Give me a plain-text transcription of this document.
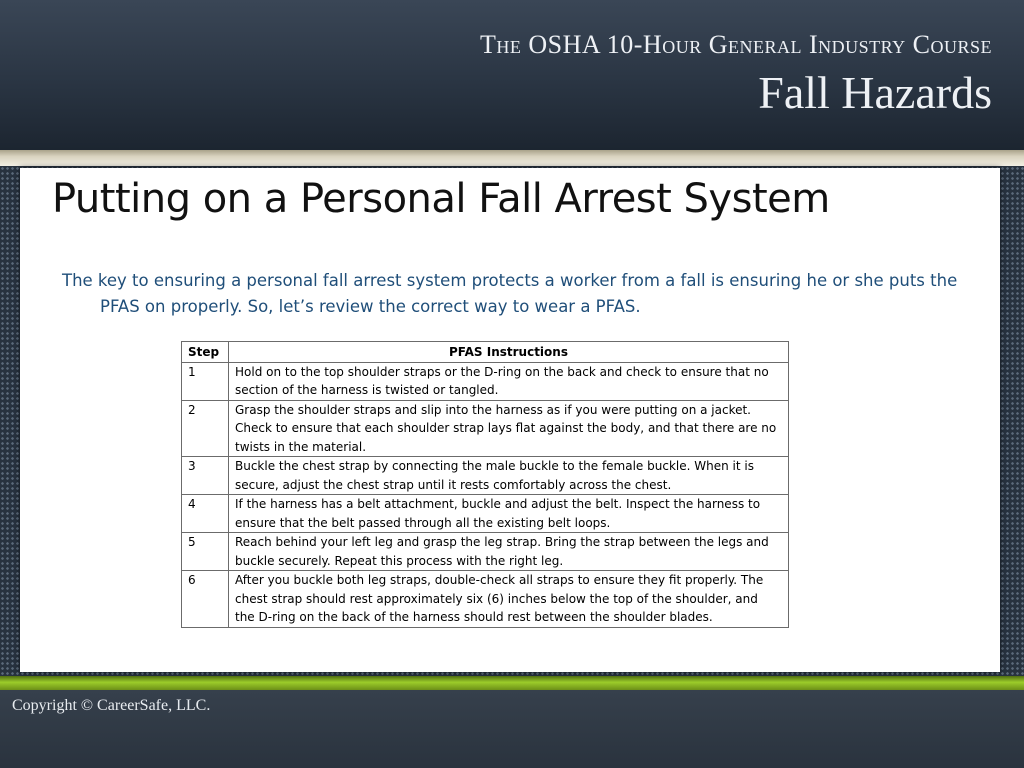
The OSHA 10-Hour General Industry Course
Fall Hazards
Putting on a Personal Fall Arrest System
The key to ensuring a personal fall arrest system protects a worker from a fall is ensuring he or she puts the PFAS on properly. So, let’s review the correct way to wear a PFAS.
Step	PFAS Instructions
1	Hold on to the top shoulder straps or the D-ring on the back and check to ensure that no section of the harness is twisted or tangled.
2	Grasp the shoulder straps and slip into the harness as if you were putting on a jacket. Check to ensure that each shoulder strap lays flat against the body, and that there are no twists in the material.
3	Buckle the chest strap by connecting the male buckle to the female buckle. When it is secure, adjust the chest strap until it rests comfortably across the chest.
4	If the harness has a belt attachment, buckle and adjust the belt. Inspect the harness to ensure that the belt passed through all the existing belt loops.
5	Reach behind your left leg and grasp the leg strap. Bring the strap between the legs and buckle securely. Repeat this process with the right leg.
6	After you buckle both leg straps, double-check all straps to ensure they fit properly. The chest strap should rest approximately six (6) inches below the top of the shoulder, and the D-ring on the back of the harness should rest between the shoulder blades.
Copyright © CareerSafe, LLC.
